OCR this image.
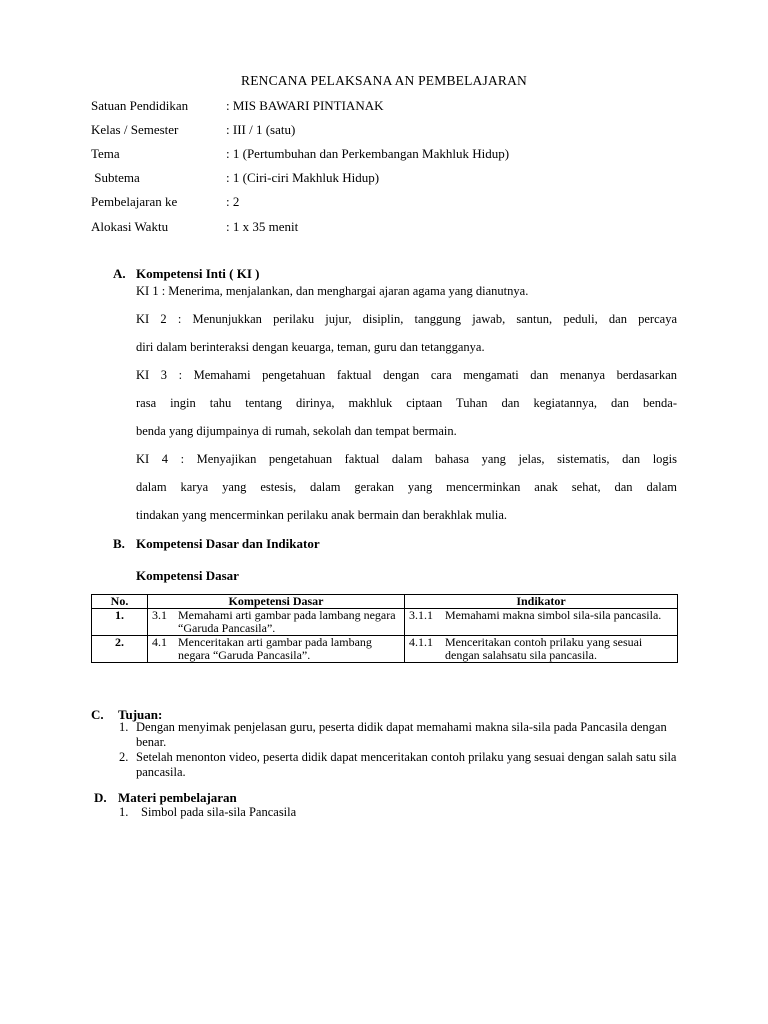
RENCANA PELAKSANA AN PEMBELAJARAN
Satuan Pendidikan	: MIS BAWARI PINTIANAK
Kelas / Semester	: III / 1 (satu)
Tema	: 1 (Pertumbuhan dan Perkembangan Makhluk Hidup)
Subtema	: 1 (Ciri-ciri Makhluk Hidup)
Pembelajaran ke	: 2
Alokasi Waktu	: 1 x 35 menit
A. Kompetensi Inti ( KI )
KI 1 : Menerima, menjalankan, dan menghargai ajaran agama yang dianutnya.
KI 2 : Menunjukkan perilaku jujur, disiplin, tanggung jawab, santun, peduli, dan percaya
diri dalam berinteraksi dengan keuarga, teman, guru dan tetangganya.
KI 3 : Memahami pengetahuan faktual dengan cara mengamati dan menanya berdasarkan
rasa ingin tahu tentang dirinya, makhluk ciptaan Tuhan dan kegiatannya, dan benda-
benda yang dijumpainya di rumah, sekolah dan tempat bermain.
KI 4 : Menyajikan pengetahuan faktual dalam bahasa yang jelas, sistematis, dan logis
dalam karya yang estesis, dalam gerakan yang mencerminkan anak sehat, dan dalam
tindakan yang mencerminkan perilaku anak bermain dan berakhlak mulia.
B. Kompetensi Dasar dan Indikator
Kompetensi Dasar
No.	Kompetensi Dasar	Indikator
1.	3.1 Memahami arti gambar pada lambang negara “Garuda Pancasila”.	3.1.1 Memahami makna simbol sila-sila pancasila.

2.	4.1 Menceritakan arti gambar pada lambang negara “Garuda Pancasila”.	4.1.1 Menceritakan contoh prilaku yang sesuai dengan salahsatu sila pancasila.
C. Tujuan:
1. Dengan menyimak penjelasan guru, peserta didik dapat memahami makna sila-sila pada Pancasila dengan benar.
2. Setelah menonton video, peserta didik dapat menceritakan contoh prilaku yang sesuai dengan salah satu sila pancasila.
D. Materi pembelajaran
1.	Simbol pada sila-sila Pancasila
